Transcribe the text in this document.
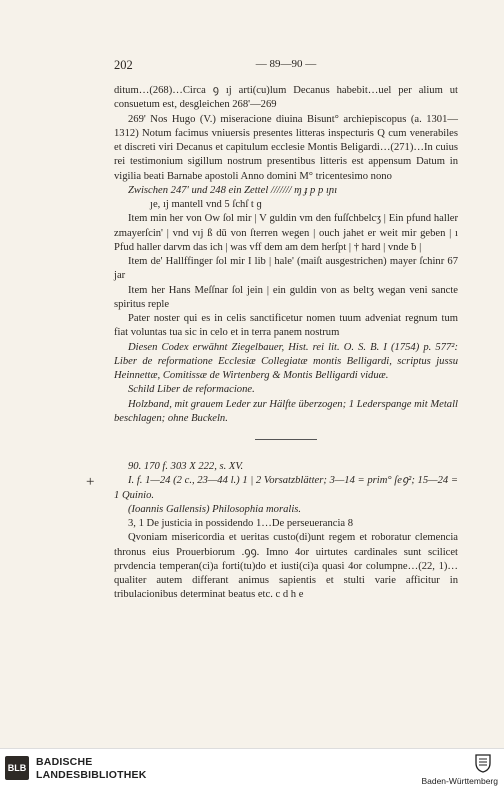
202	— 89—90 —
+

ditum…(268)…Circa ꝯ ıj arti(cu)lum Decanus habebit…uel per alium ut consuetum est, desgleichen 268'—269

269' Nos Hugo (V.) miseracione diuina Bisunt° archiepiscopus (a. 1301—1312) Notum facimus vniuersis presentes litteras inspecturis Q cum venerabiles et discreti viri Decanus et capitulum ecclesie Montis Beligardi…(271)…In cuius rei testimonium sigillum nostrum presentibus litteris est appensum Datum in vigilia beati Barnabe apostoli Anno domini M° tricentesimo nono

Zwischen 247' und 248 ein Zettel /////// ɱ ɟ p p ıɲı

ȷe, ıj mantell vnd 5 ſchſ t ɡ

Item min her von Ow ſol mir | V guldin vm den fuſſchbelcʒ | Ein pfund haller zmayerſcin' | vnd vıj ß dū von ſterren wegen | ouch jahet er weit mir geben | ı Pfud haller darvm das ich | was vff dem am dem herſpt | † hard | vnde ƀ |

Item de' Hallffinger ſol mir I lib | hale' (maiſt ausgestrichen) mayer ſchinr 67 jar

Item her Hans Meſſnar ſol jein | ein guldin von as beltʒ wegan veni sancte spiritus reple

Pater noster qui es in celis sanctificetur nomen tuum adveniat regnum tum fiat voluntas tua sic in celo et in terra panem nostrum

Diesen Codex erwähnt Ziegelbauer, Hist. rei lit. O. S. B. I (1754) p. 577²: Liber de reformatione Ecclesiæ Collegiatæ montis Belligardi, scriptus jussu Heinnettæ, Comitissæ de Wirtenberg & Montis Belligardi viduæ.

Schild Liber de reformacione.

Holzband, mit grauem Leder zur Hälfte überzogen; 1 Lederspange mit Metall beschlagen; ohne Buckeln.

90. 170 f. 303 X 222, s. XV.

I. f. 1—24 (2 c., 23—44 l.) 1 | 2 Vorsatzblätter; 3—14 = prim° ſeꝯ²; 15—24 = 1 Quinio.

(Ioannis Gallensis) Philosophia moralis.

3, 1 De justicia in possidendo 1…De perseuerancia 8

Qvoniam misericordia et ueritas custo(di)unt regem et roboratur clemencia thronus eius Prouerbiorum .ꝯꝯ. Imno 4or uirtutes cardinales sunt scilicet prvdencia temperan(ci)a forti(tu)do et iusti(ci)a quasi 4or columpne…(22, 1)…qualiter autem differant animus sapientis et stulti varie afficitur in tribulacionibus determinat beatus etc. c d h e

BLB BADISCHE
LANDESBIBLIOTHEK	Baden-Württemberg
